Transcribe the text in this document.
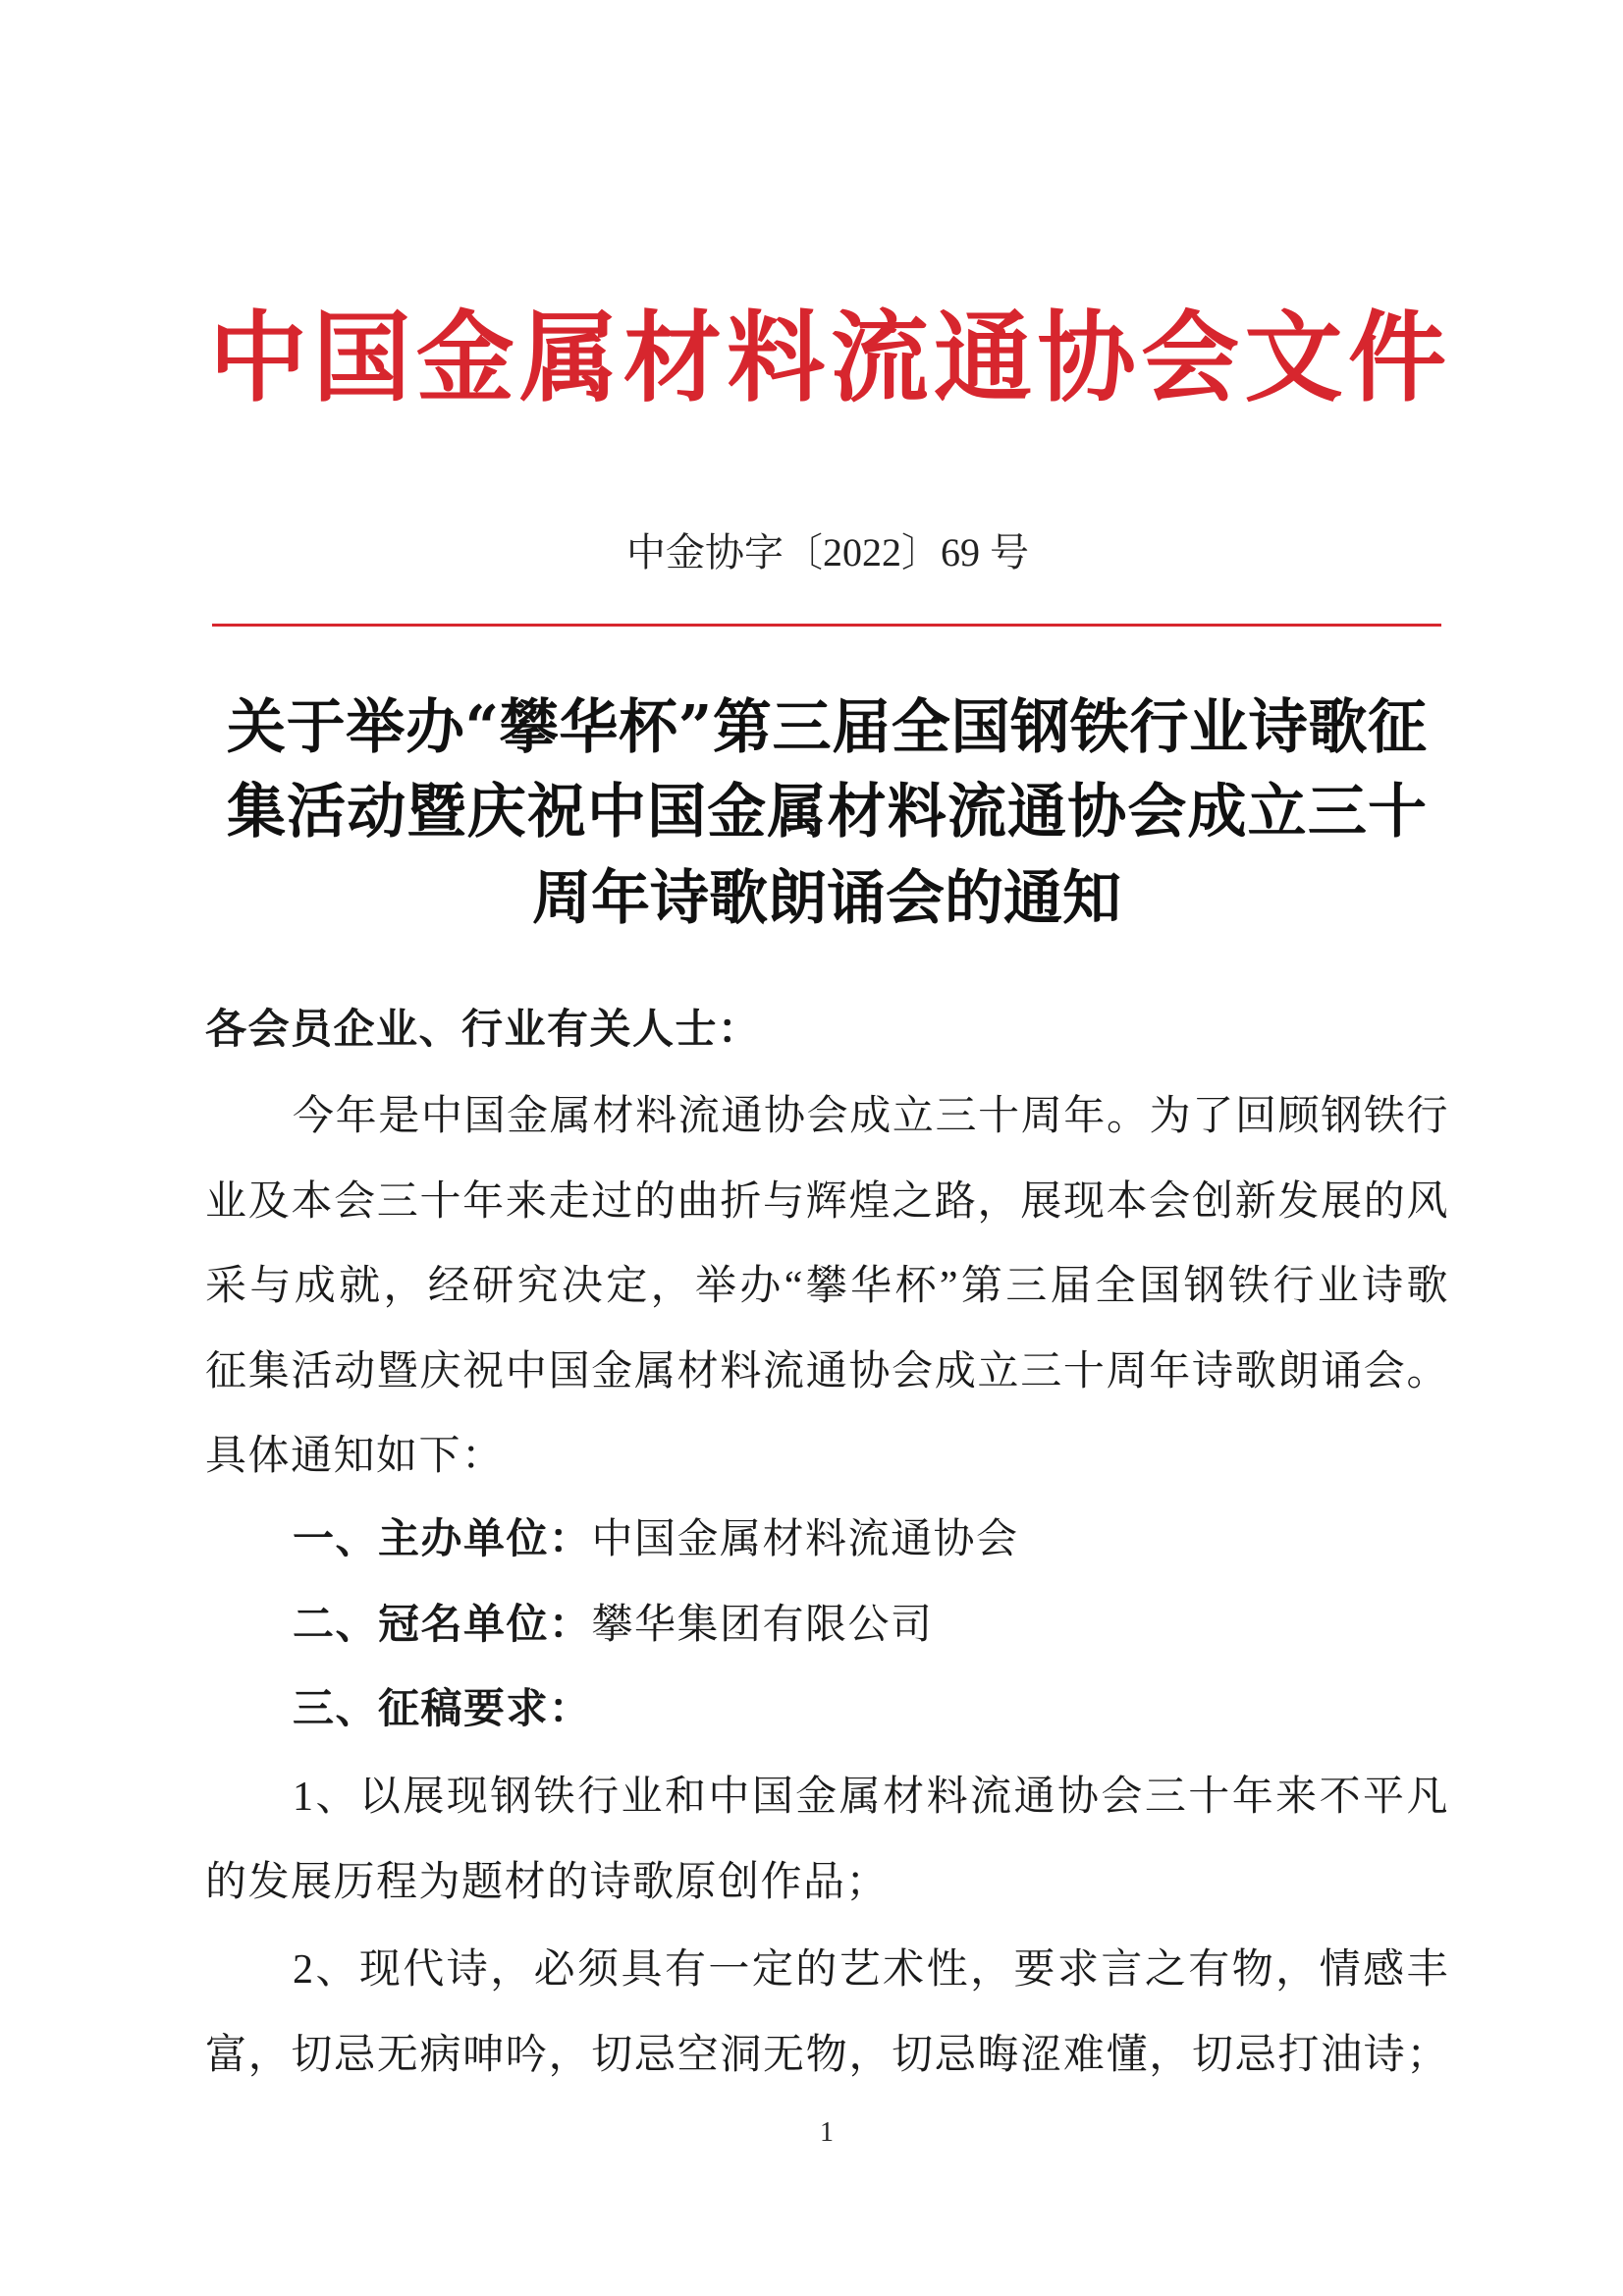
中国金属材料流通协会文件
中金协字〔2022〕69 号
关于举办“攀华杯”第三届全国钢铁行业诗歌征
集活动暨庆祝中国金属材料流通协会成立三十
周年诗歌朗诵会的通知
各会员企业、行业有关人士：
今年是中国金属材料流通协会成立三十周年。为了回顾钢铁行
业及本会三十年来走过的曲折与辉煌之路，展现本会创新发展的风
采与成就，经研究决定，举办“攀华杯”第三届全国钢铁行业诗歌
征集活动暨庆祝中国金属材料流通协会成立三十周年诗歌朗诵会。
具体通知如下：
一、主办单位：中国金属材料流通协会
二、冠名单位：攀华集团有限公司
三、征稿要求：
1、以展现钢铁行业和中国金属材料流通协会三十年来不平凡
的发展历程为题材的诗歌原创作品；
2、现代诗，必须具有一定的艺术性，要求言之有物，情感丰
富，切忌无病呻吟，切忌空洞无物，切忌晦涩难懂，切忌打油诗；
1
